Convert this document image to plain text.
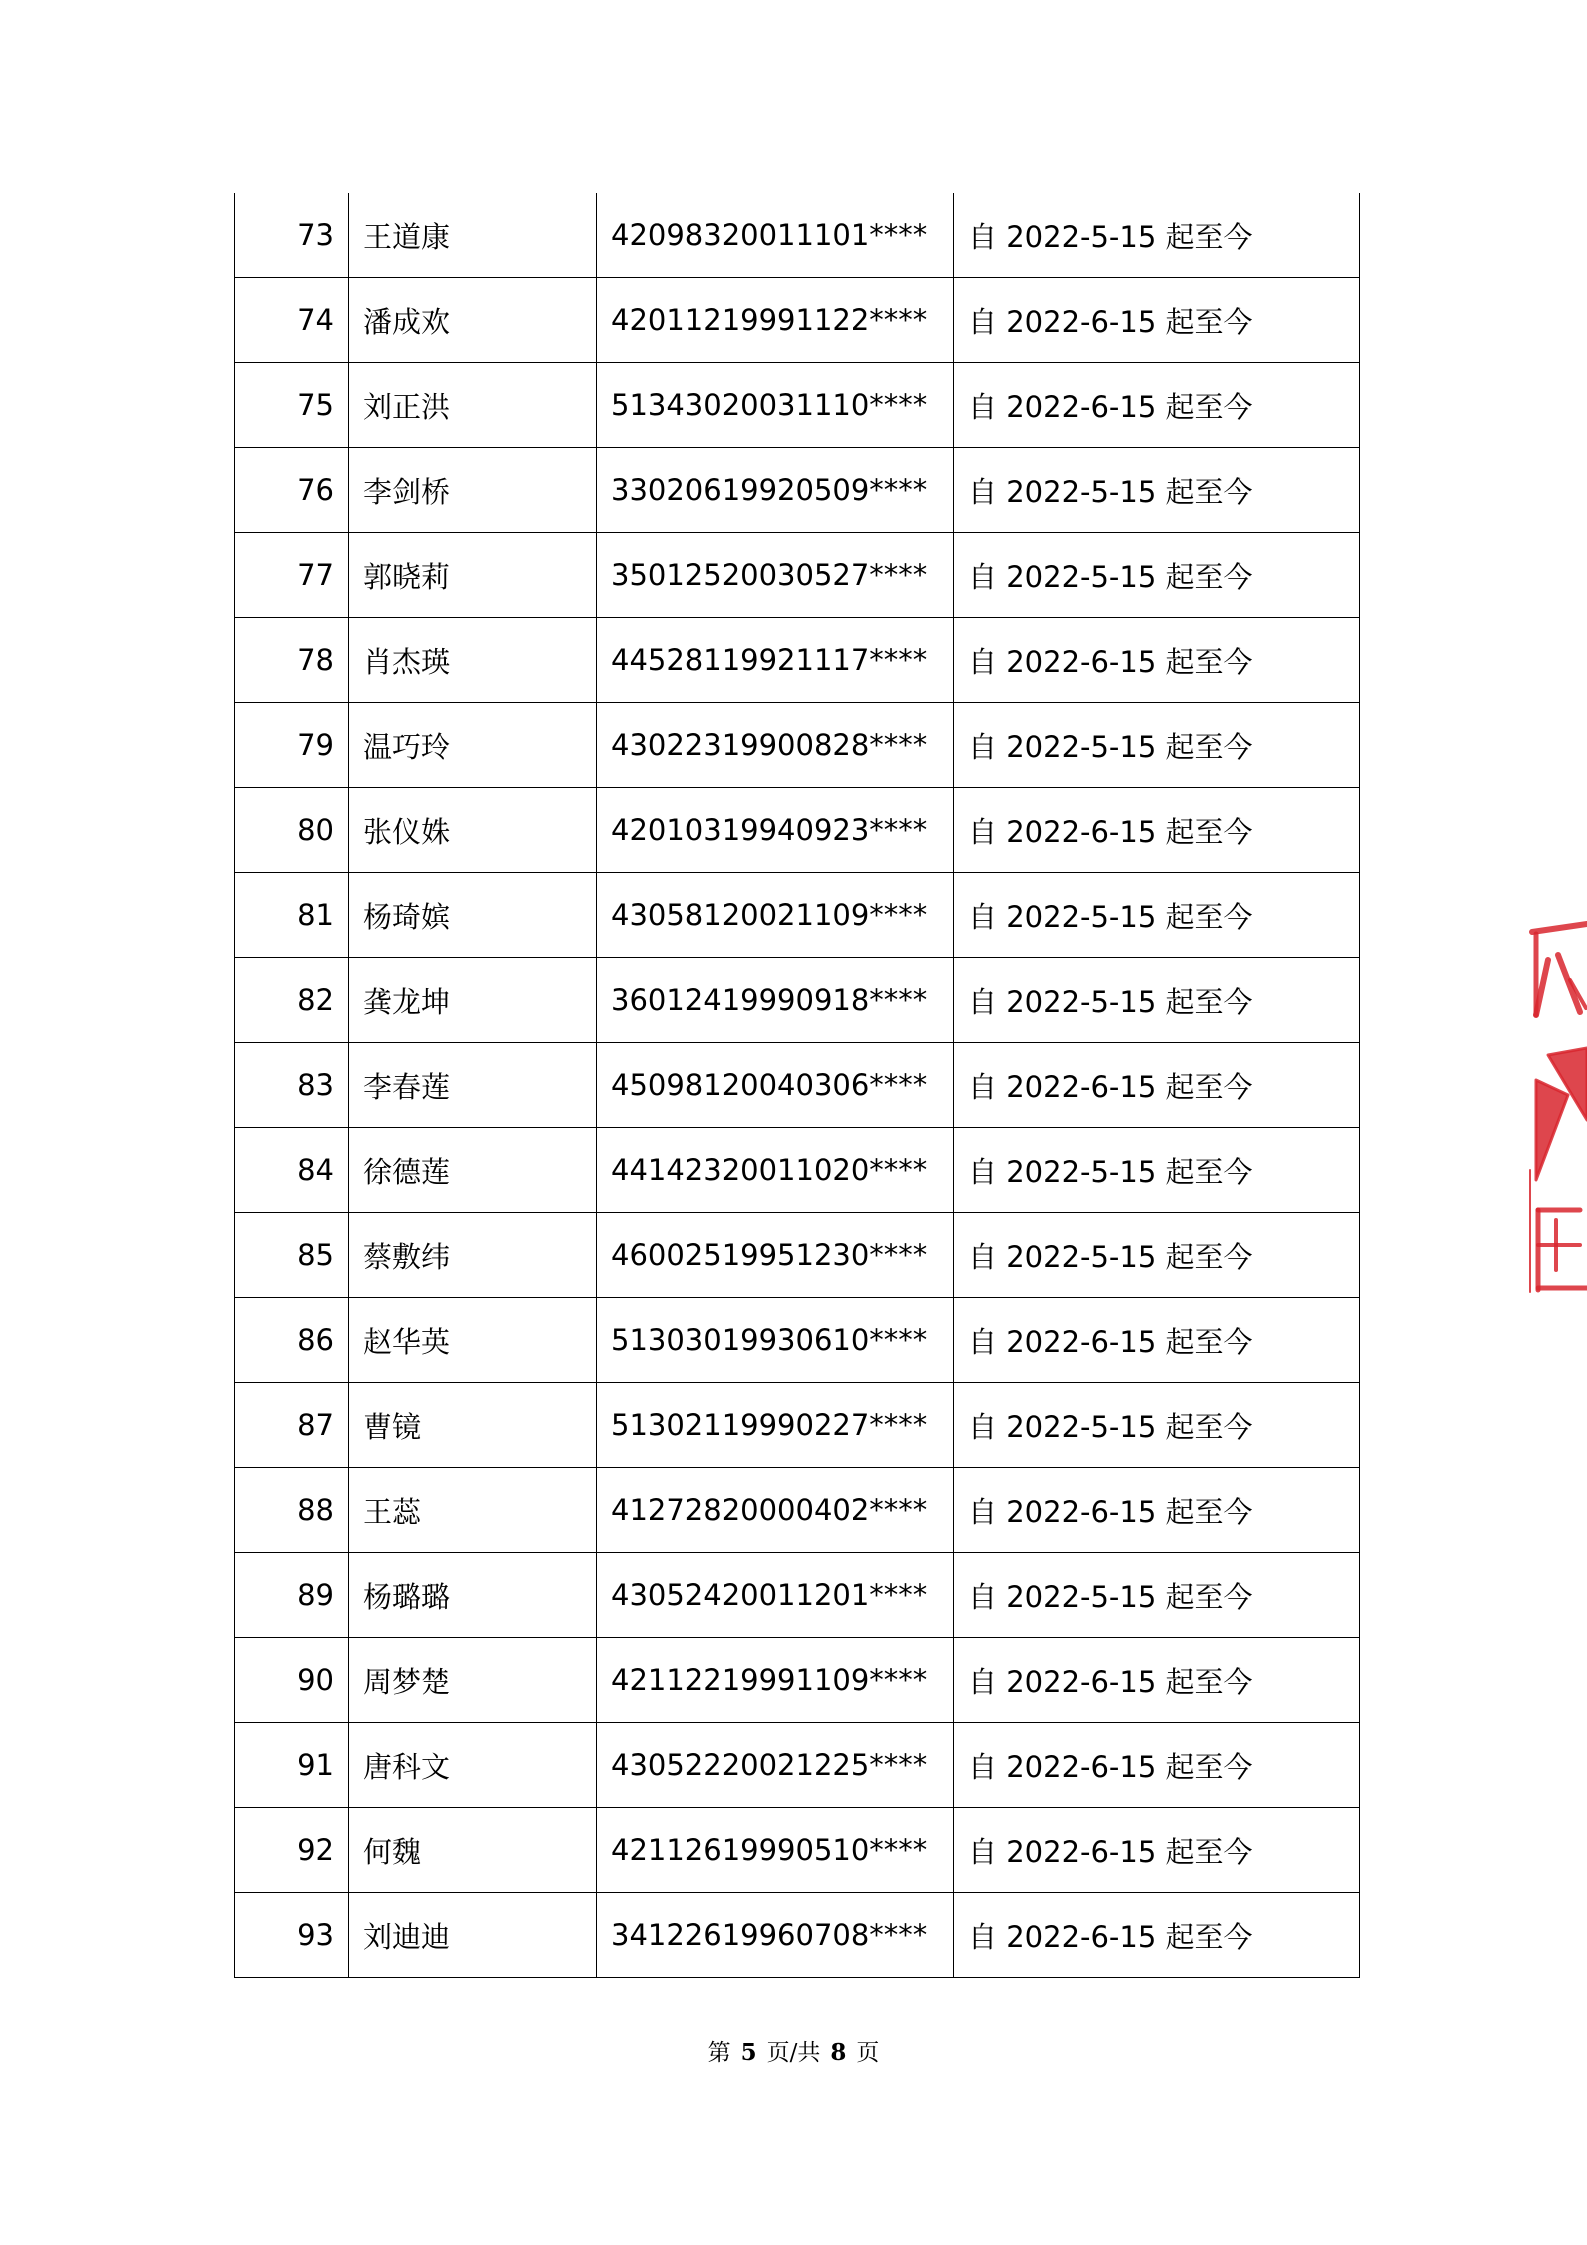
73	王道康	42098320011101****	自 2022-5-15 起至今
74	潘成欢	42011219991122****	自 2022-6-15 起至今
75	刘正洪	51343020031110****	自 2022-6-15 起至今
76	李剑桥	33020619920509****	自 2022-5-15 起至今
77	郭晓莉	35012520030527****	自 2022-5-15 起至今
78	肖杰瑛	44528119921117****	自 2022-6-15 起至今
79	温巧玲	43022319900828****	自 2022-5-15 起至今
80	张仪姝	42010319940923****	自 2022-6-15 起至今
81	杨琦嫔	43058120021109****	自 2022-5-15 起至今
82	龚龙坤	36012419990918****	自 2022-5-15 起至今
83	李春莲	45098120040306****	自 2022-6-15 起至今
84	徐德莲	44142320011020****	自 2022-5-15 起至今
85	蔡敷纬	46002519951230****	自 2022-5-15 起至今
86	赵华英	51303019930610****	自 2022-6-15 起至今
87	曹镜	51302119990227****	自 2022-5-15 起至今
88	王蕊	41272820000402****	自 2022-6-15 起至今
89	杨璐璐	43052420011201****	自 2022-5-15 起至今
90	周梦楚	42112219991109****	自 2022-6-15 起至今
91	唐科文	43052220021225****	自 2022-6-15 起至今
92	何魏	42112619990510****	自 2022-6-15 起至今
93	刘迪迪	34122619960708****	自 2022-6-15 起至今
第 5 页/共 8 页
